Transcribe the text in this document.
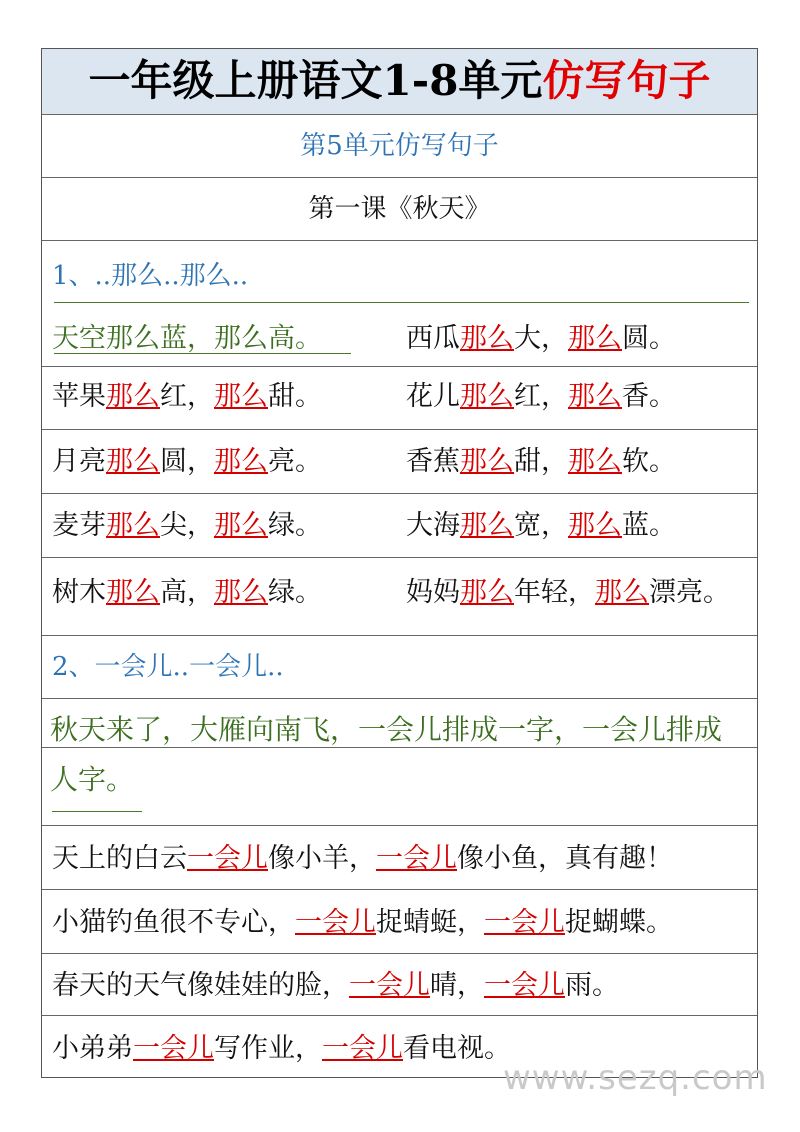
一年级上册语文1-8单元仿写句子
第5单元仿写句子
第一课《秋天》
1、..那么..那么..
天空那么蓝，那么高。	西瓜那么大，那么圆。
苹果那么红，那么甜。	花儿那么红，那么香。
月亮那么圆，那么亮。	香蕉那么甜，那么软。
麦芽那么尖，那么绿。	大海那么宽，那么蓝。
树木那么高，那么绿。	妈妈那么年轻，那么漂亮。
2、一会儿..一会儿..
秋天来了，大雁向南飞，一会儿排成一字，一会儿排成
人字。
天上的白云一会儿像小羊，一会儿像小鱼，真有趣！
小猫钓鱼很不专心，一会儿捉蜻蜓，一会儿捉蝴蝶。
春天的天气像娃娃的脸，一会儿晴，一会儿雨。
小弟弟一会儿写作业，一会儿看电视。
www.sezq.com
